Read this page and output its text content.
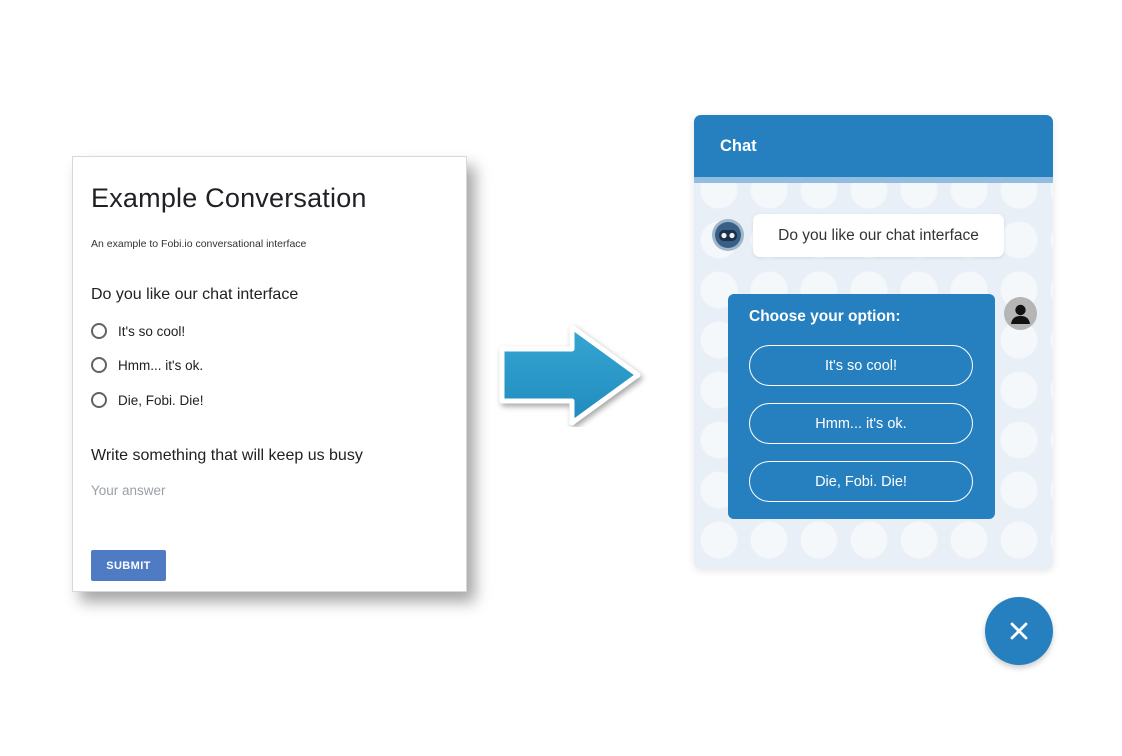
Example Conversation

An example to Fobi.io conversational interface

Do you like our chat interface
It's so cool!
Hmm... it's ok.
Die, Fobi. Die!
Write something that will keep us busy
Your answer
SUBMIT
Chat
Do you like our chat interface
Choose your option:
It's so cool!
Hmm... it's ok.
Die, Fobi. Die!
